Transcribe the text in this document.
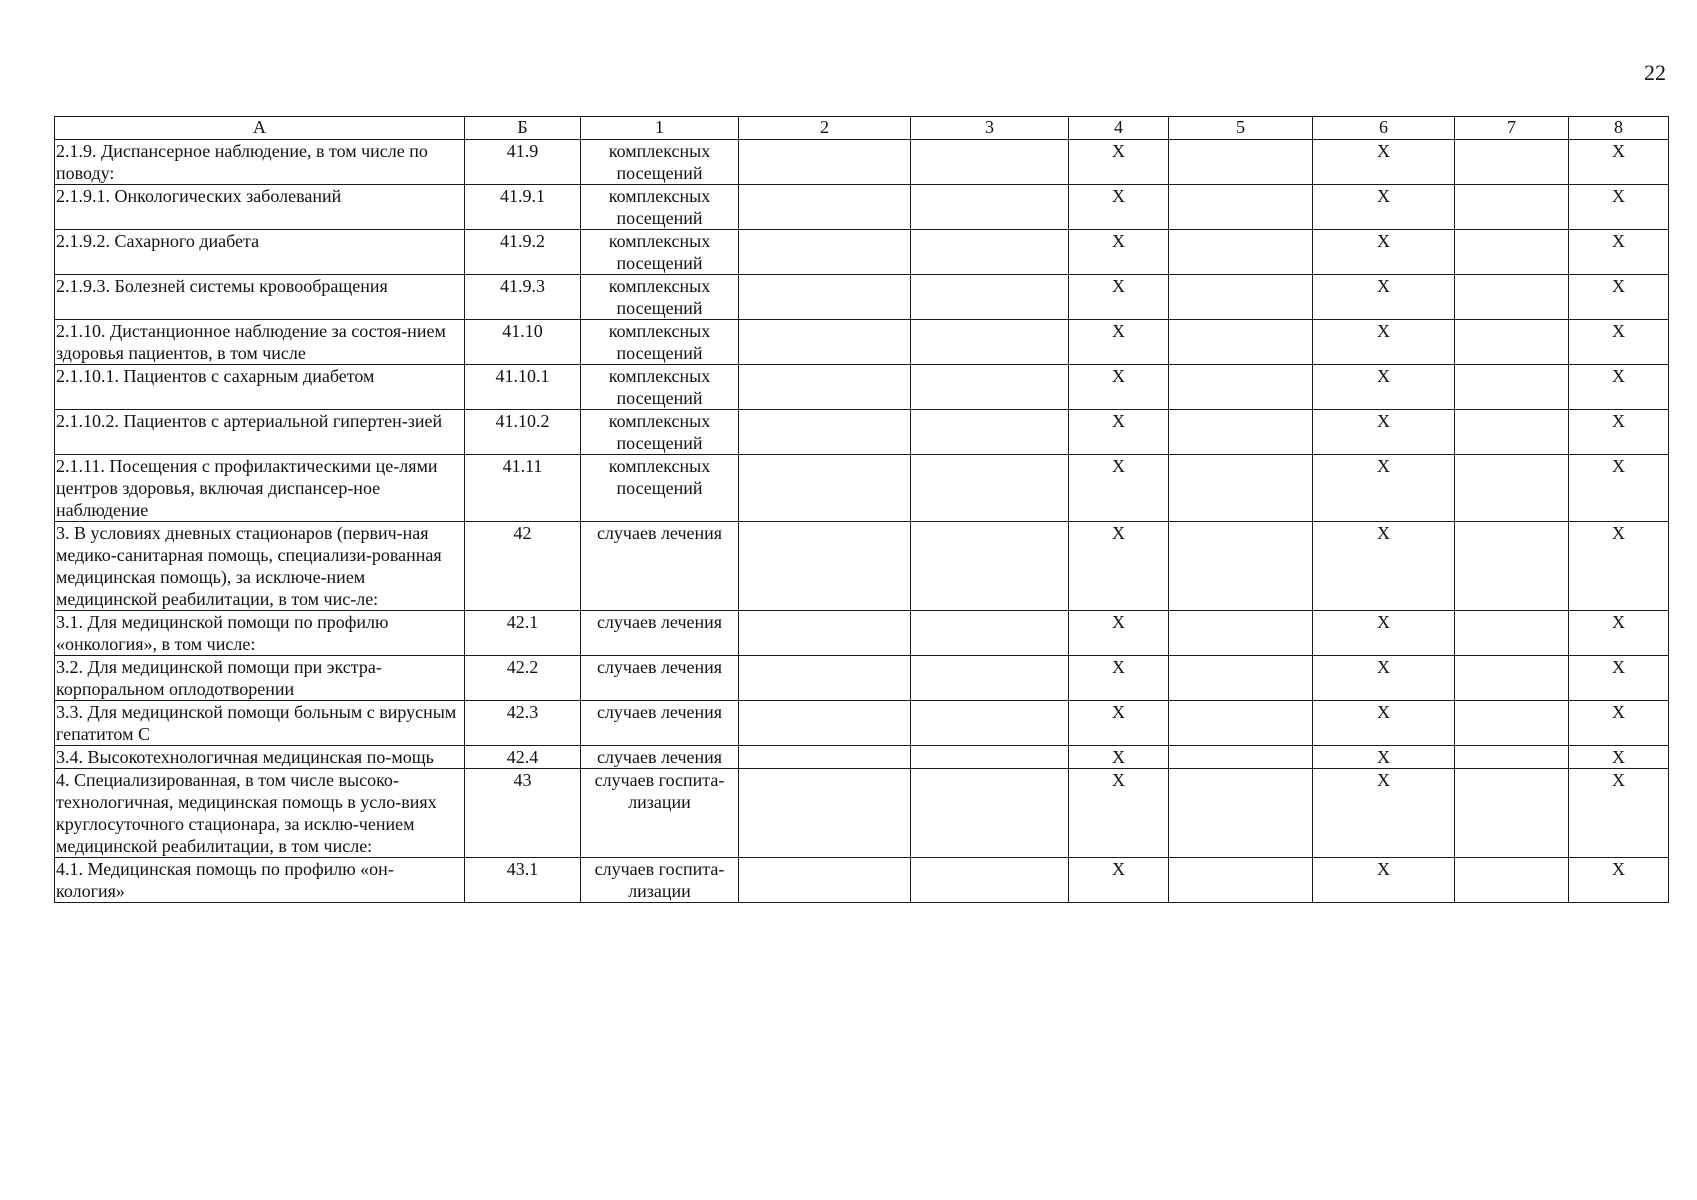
22
А	Б	1	2	3	4	5	6	7	8
2.1.9. Диспансерное наблюдение, в том числе по поводу:	41.9	комплексных посещений			Х		Х		Х
2.1.9.1. Онкологических заболеваний	41.9.1	комплексных посещений			Х		Х		Х
2.1.9.2. Сахарного диабета	41.9.2	комплексных посещений			Х		Х		Х
2.1.9.3. Болезней системы кровообращения	41.9.3	комплексных посещений			Х		Х		Х
2.1.10. Дистанционное наблюдение за состоя-нием здоровья пациентов, в том числе	41.10	комплексных посещений			Х		Х		Х
2.1.10.1. Пациентов с сахарным диабетом	41.10.1	комплексных посещений			Х		Х		Х
2.1.10.2. Пациентов с артериальной гипертен-зией	41.10.2	комплексных посещений			Х		Х		Х
2.1.11. Посещения с профилактическими це-лями центров здоровья, включая диспансер-ное наблюдение	41.11	комплексных посещений			Х		Х		Х
3. В условиях дневных стационаров (первич-ная медико-санитарная помощь, специализи-рованная медицинская помощь), за исключе-нием медицинской реабилитации, в том чис-ле:	42	случаев лечения			Х		Х		Х
3.1. Для медицинской помощи по профилю «онкология», в том числе:	42.1	случаев лечения			Х		Х		Х
3.2. Для медицинской помощи при экстра-корпоральном оплодотворении	42.2	случаев лечения			Х		Х		Х
3.3. Для медицинской помощи больным с вирусным гепатитом С	42.3	случаев лечения			Х		Х		Х
3.4. Высокотехнологичная медицинская по-мощь	42.4	случаев лечения			Х		Х		Х
4. Специализированная, в том числе высоко-технологичная, медицинская помощь в усло-виях круглосуточного стационара, за исклю-чением медицинской реабилитации, в том числе:	43	случаев госпита-лизации			Х		Х		Х
4.1. Медицинская помощь по профилю «он-кология»	43.1	случаев госпита-лизации			Х		Х		Х
